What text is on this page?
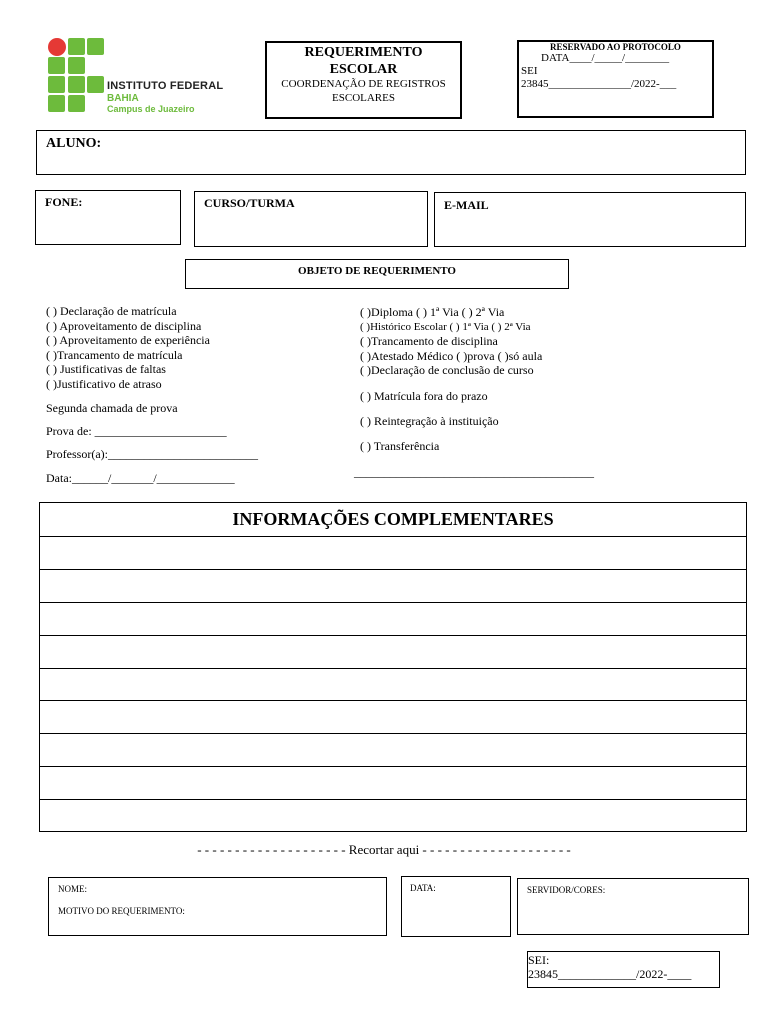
INSTITUTO FEDERAL
BAHIA
Campus de Juazeiro
REQUERIMENTO
ESCOLAR
COORDENAÇÃO DE REGISTROS
ESCOLARES
RESERVADO AO PROTOCOLO
DATA____/_____/________
SEI
23845_______________/2022-___
ALUNO:
FONE:	CURSO/TURMA	E-MAIL
OBJETO DE REQUERIMENTO
( ) Declaração de matrícula
( ) Aproveitamento de disciplina
( ) Aproveitamento de experiência
( )Trancamento de matrícula
( ) Justificativas de faltas
( )Justificativo de atraso
Segunda chamada de prova
Prova de: ______________________
Professor(a):_________________________
Data:______/_______/_____________
( )Diploma ( ) 1ª Via ( ) 2ª Via
( )Histórico Escolar ( ) 1ª Via ( ) 2ª Via
( )Trancamento de disciplina
( )Atestado Médico ( )prova ( )só aula
( )Declaração de conclusão de curso
( ) Matrícula fora do prazo
( ) Reintegração à instituição
( ) Transferência
________________________________________
INFORMAÇÕES COMPLEMENTARES
- - - - - - - - - - - - - - - - - - - - Recortar aqui - - - - - - - - - - - - - - - - - - - -
NOME:
MOTIVO DO REQUERIMENTO:
DATA:	SERVIDOR/CORES:
SEI:
23845_____________/2022-____
